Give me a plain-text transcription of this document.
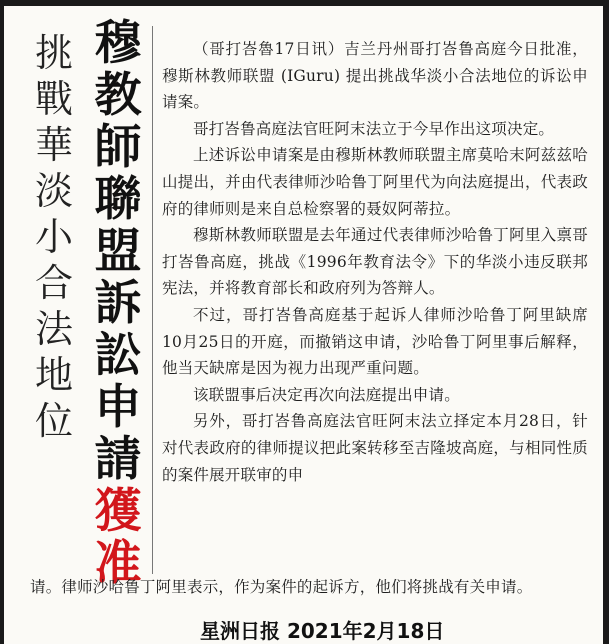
挑
戰
華
淡
小
合
法
地
位
穆
教
師
聯
盟
訴
訟
申
請
獲
准

（哥打峇魯17日讯）吉兰丹州哥打峇鲁高庭今日批准，穆斯林教师联盟 (IGuru) 提出挑战华淡小合法地位的诉讼申请案。

哥打峇鲁高庭法官旺阿末法立于今早作出这项决定。

上述诉讼申请案是由穆斯林教师联盟主席莫哈末阿兹兹哈山提出，并由代表律师沙哈鲁丁阿里代为向法庭提出，代表政府的律师则是来自总检察署的聂奴阿蒂拉。

穆斯林教师联盟是去年通过代表律师沙哈鲁丁阿里入禀哥打峇鲁高庭，挑战《1996年教育法令》下的华淡小违反联邦宪法，并将教育部长和政府列为答辩人。

不过，哥打峇鲁高庭基于起诉人律师沙哈鲁丁阿里缺席10月25日的开庭，而撤销这申请，沙哈鲁丁阿里事后解释，他当天缺席是因为视力出现严重问题。

该联盟事后决定再次向法庭提出申请。

另外，哥打峇鲁高庭法官旺阿末法立择定本月28日，针对代表政府的律师提议把此案转移至吉隆坡高庭，与相同性质的案件展开联审的申

请。律师沙哈鲁丁阿里表示，作为案件的起诉方，他们将挑战有关申请。

星洲日报 2021年2月18日
